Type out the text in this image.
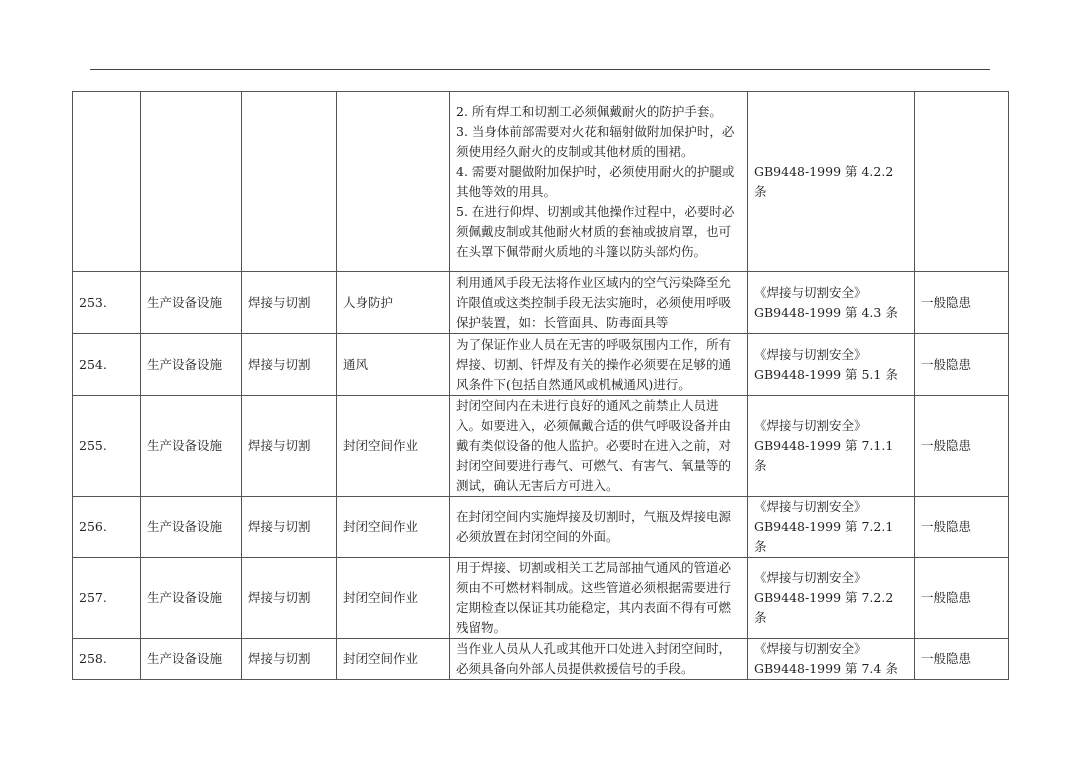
				2. 所有焊工和切割工必须佩戴耐火的防护手套。
3. 当身体前部需要对火花和辐射做附加保护时，必须使用经久耐火的皮制或其他材质的围裙。
4. 需要对腿做附加保护时，必须使用耐火的护腿或其他等效的用具。
5. 在进行仰焊、切割或其他操作过程中，必要时必须佩戴皮制或其他耐火材质的套袖或披肩罩，也可在头罩下佩带耐火质地的斗篷以防头部灼伤。	GB9448-1999 第 4.2.2 条	
253.	生产设备设施	焊接与切割	人身防护	利用通风手段无法将作业区域内的空气污染降至允许限值或这类控制手段无法实施时，必须使用呼吸保护装置，如：长管面具、防毒面具等	《焊接与切割安全》
GB9448-1999 第 4.3 条	一般隐患
254.	生产设备设施	焊接与切割	通风	为了保证作业人员在无害的呼吸氛围内工作，所有焊接、切割、钎焊及有关的操作必须要在足够的通风条件下(包括自然通风或机械通风)进行。	《焊接与切割安全》
GB9448-1999 第 5.1 条	一般隐患
255.	生产设备设施	焊接与切割	封闭空间作业	封闭空间内在未进行良好的通风之前禁止人员进入。如要进入，必须佩戴合适的供气呼吸设备并由戴有类似设备的他人监护。必要时在进入之前，对封闭空间要进行毒气、可燃气、有害气、氧量等的测试，确认无害后方可进入。	《焊接与切割安全》
GB9448-1999 第 7.1.1 条	一般隐患
256.	生产设备设施	焊接与切割	封闭空间作业	在封闭空间内实施焊接及切割时，气瓶及焊接电源必须放置在封闭空间的外面。	《焊接与切割安全》
GB9448-1999 第 7.2.1 条	一般隐患
257.	生产设备设施	焊接与切割	封闭空间作业	用于焊接、切割或相关工艺局部抽气通风的管道必须由不可燃材料制成。这些管道必须根据需要进行定期检查以保证其功能稳定，其内表面不得有可燃残留物。	《焊接与切割安全》
GB9448-1999 第 7.2.2 条	一般隐患
258.	生产设备设施	焊接与切割	封闭空间作业	当作业人员从人孔或其他开口处进入封闭空间时，必须具备向外部人员提供救援信号的手段。	《焊接与切割安全》
GB9448-1999 第 7.4 条	一般隐患
